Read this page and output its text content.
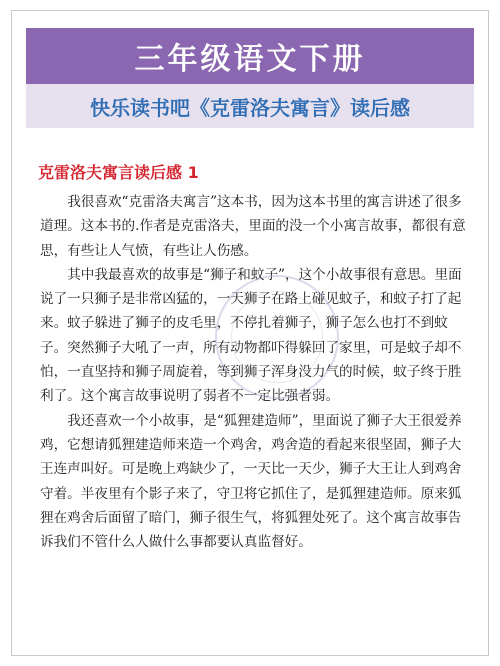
三年级语文下册
快乐读书吧《克雷洛夫寓言》读后感
克雷洛夫寓言读后感 1

我很喜欢“克雷洛夫寓言”这本书，因为这本书里的寓言讲述了很多道理。这本书的.作者是克雷洛夫，里面的没一个小寓言故事，都很有意思，有些让人气愤，有些让人伤感。

其中我最喜欢的故事是“狮子和蚊子”，这个小故事很有意思。里面说了一只狮子是非常凶猛的，一天狮子在路上碰见蚊子，和蚊子打了起来。蚊子躲进了狮子的皮毛里，不停扎着狮子，狮子怎么也打不到蚊子。突然狮子大吼了一声，所有动物都吓得躲回了家里，可是蚊子却不怕，一直坚持和狮子周旋着，等到狮子浑身没力气的时候，蚊子终于胜利了。这个寓言故事说明了弱者不一定比强者弱。

我还喜欢一个小故事，是“狐狸建造师”，里面说了狮子大王很爱养鸡，它想请狐狸建造师来造一个鸡舍，鸡舍造的看起来很坚固，狮子大王连声叫好。可是晚上鸡缺少了，一天比一天少，狮子大王让人到鸡舍守着。半夜里有个影子来了，守卫将它抓住了，是狐狸建造师。原来狐狸在鸡舍后面留了暗门，狮子很生气，将狐狸处死了。这个寓言故事告诉我们不管什么人做什么事都要认真监督好。
